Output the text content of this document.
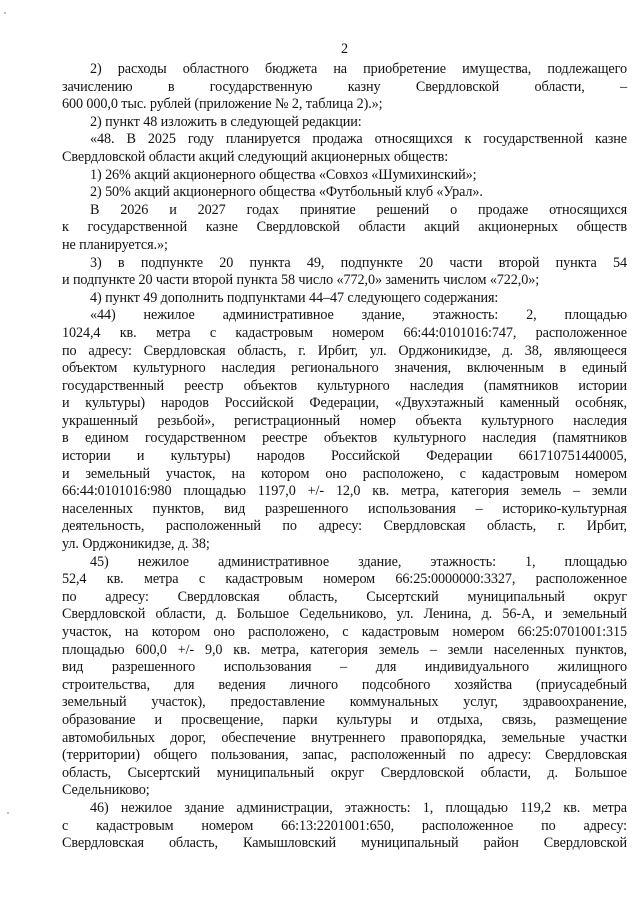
2
2) расходы областного бюджета на приобретение имущества, подлежащего
зачислению в государственную казну Свердловской области, –
600 000,0 тыс. рублей (приложение № 2, таблица 2).»;
2) пункт 48 изложить в следующей редакции:
«48. В 2025 году планируется продажа относящихся к государственной казне
Свердловской области акций следующий акционерных обществ:
1) 26% акций акционерного общества «Совхоз «Шумихинский»;
2) 50% акций акционерного общества «Футбольный клуб «Урал».
В 2026 и 2027 годах принятие решений о продаже относящихся
к государственной казне Свердловской области акций акционерных обществ
не планируется.»;
3) в подпункте 20 пункта 49, подпункте 20 части второй пункта 54
и подпункте 20 части второй пункта 58 число «772,0» заменить числом «722,0»;
4) пункт 49 дополнить подпунктами 44–47 следующего содержания:
«44) нежилое административное здание, этажность: 2, площадью
1024,4 кв. метра с кадастровым номером 66:44:0101016:747, расположенное
по адресу: Свердловская область, г. Ирбит, ул. Орджоникидзе, д. 38, являющееся
объектом культурного наследия регионального значения, включенным в единый
государственный реестр объектов культурного наследия (памятников истории
и культуры) народов Российской Федерации, «Двухэтажный каменный особняк,
украшенный резьбой», регистрационный номер объекта культурного наследия
в едином государственном реестре объектов культурного наследия (памятников
истории и культуры) народов Российской Федерации 661710751440005,
и земельный участок, на котором оно расположено, с кадастровым номером
66:44:0101016:980 площадью 1197,0 +/- 12,0 кв. метра, категория земель – земли
населенных пунктов, вид разрешенного использования – историко-культурная
деятельность, расположенный по адресу: Свердловская область, г. Ирбит,
ул. Орджоникидзе, д. 38;
45) нежилое административное здание, этажность: 1, площадью
52,4 кв. метра с кадастровым номером 66:25:0000000:3327, расположенное
по адресу: Свердловская область, Сысертский муниципальный округ
Свердловской области, д. Большое Седельниково, ул. Ленина, д. 56-А, и земельный
участок, на котором оно расположено, с кадастровым номером 66:25:0701001:315
площадью 600,0 +/- 9,0 кв. метра, категория земель – земли населенных пунктов,
вид разрешенного использования – для индивидуального жилищного
строительства, для ведения личного подсобного хозяйства (приусадебный
земельный участок), предоставление коммунальных услуг, здравоохранение,
образование и просвещение, парки культуры и отдыха, связь, размещение
автомобильных дорог, обеспечение внутреннего правопорядка, земельные участки
(территории) общего пользования, запас, расположенный по адресу: Свердловская
область, Сысертский муниципальный округ Свердловской области, д. Большое
Седельниково;
46) нежилое здание администрации, этажность: 1, площадью 119,2 кв. метра
с кадастровым номером 66:13:2201001:650, расположенное по адресу:
Свердловская область, Камышловский муниципальный район Свердловской
